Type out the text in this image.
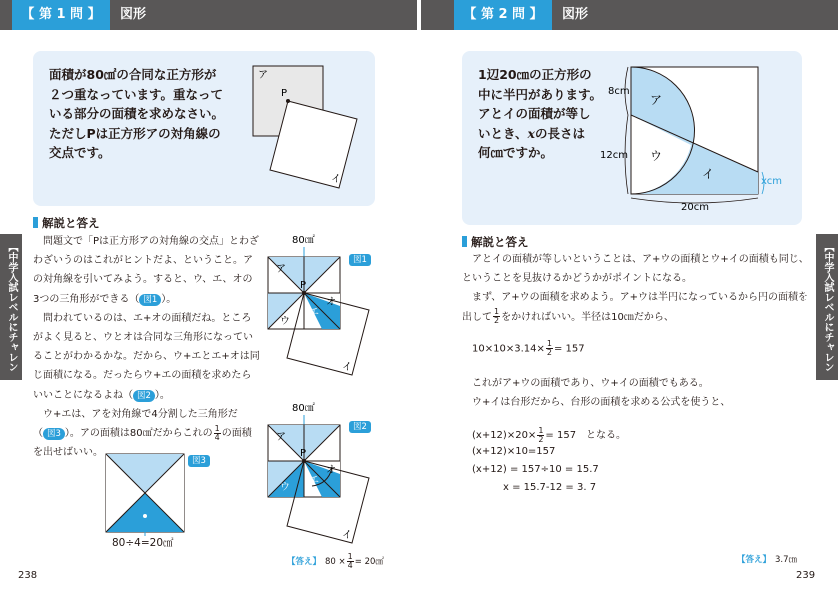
【 第 1 問 】	図形
面積が80㎠の合同な正方形が
２つ重なっています。重なって
いる部分の面積を求めなさい。
ただしPは正方形アの対角線の
交点です。
ア
P
イ
解説と答え
　問題文で「Pは正方形アの対角線の交点」とわざ
わざいうのはこれがヒントだよ、ということ。ア
の対角線を引いてみよう。すると、ウ、エ、オの
3つの三角形ができる（ 図1 ）。
　問われているのは、エ+オの面積だね。ところ
がよく見ると、ウとオは合同な三角形になってい
ることがわかるかな。だから、ウ+エとエ+オは同
じ面積になる。だったらウ+エの面積を求めたら
いいことになるよね（ 図2 ）。
　ウ+エは、アを対角線で4分割した三角形だ
（ 図3 ）。アの面積は80㎠だからこれの $\frac{1}{4}$ の面積
を出せばいい。
80㎠
ア
P
ウ
エ
オ
イ
図1
80㎠
ア
P
ウ
エ
オ
イ
図2
図3
80÷4=20㎠
【答え】 $80 \times \frac{1}{4}$ = 20㎠
【中学入試レベルにチャレン
238
【 第 2 問 】	図形
1辺20㎝の正方形の
中に半円があります。
アとイの面積が等し
いとき、xの長さは
何㎝ですか。
ア
ウ
イ
8cm
12cm
xcm
20cm
解説と答え
　アとイの面積が等しいということは、ア+ウの面積とウ+イの面積も同じ、
ということを見抜けるかどうかがポイントになる。
　まず、ア+ウの面積を求めよう。ア+ウは半円になっているから円の面積を
出して $\frac{1}{2}$ をかければいい。半径は10㎝だから、
$10\times 10\times 3.14\times \frac{1}{2} = 157$
　これがア+ウの面積であり、ウ+イの面積でもある。
　ウ+イは台形だから、台形の面積を求める公式を使うと、
$(x+12)\times 20\times \frac{1}{2} = 157$　となる。
(x+12)×10=157
(x+12) = 157÷10 = 15.7
x = 15.7-12 = 3. 7
【答え】 3.7㎝
【中学入試レベルにチャレンジ！】
239
